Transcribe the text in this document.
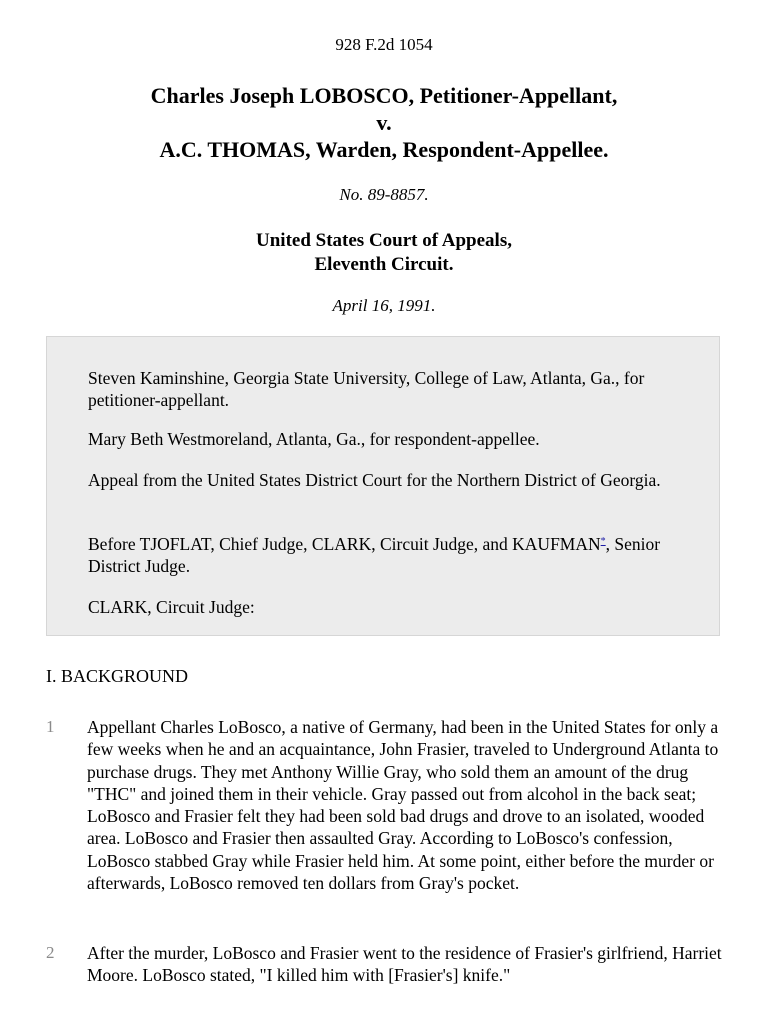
928 F.2d 1054
Charles Joseph LOBOSCO, Petitioner-Appellant,
v.
A.C. THOMAS, Warden, Respondent-Appellee.
No. 89-8857.
United States Court of Appeals,
Eleventh Circuit.
April 16, 1991.

Steven Kaminshine, Georgia State University, College of Law, Atlanta, Ga., for petitioner-appellant.

Mary Beth Westmoreland, Atlanta, Ga., for respondent-appellee.

Appeal from the United States District Court for the Northern District of Georgia.

Before TJOFLAT, Chief Judge, CLARK, Circuit Judge, and KAUFMAN*, Senior District Judge.

CLARK, Circuit Judge:

I. BACKGROUND
1 Appellant Charles LoBosco, a native of Germany, had been in the United States for only a few weeks when he and an acquaintance, John Frasier, traveled to Underground Atlanta to purchase drugs. They met Anthony Willie Gray, who sold them an amount of the drug "THC" and joined them in their vehicle. Gray passed out from alcohol in the back seat; LoBosco and Frasier felt they had been sold bad drugs and drove to an isolated, wooded area. LoBosco and Frasier then assaulted Gray. According to LoBosco's confession, LoBosco stabbed Gray while Frasier held him. At some point, either before the murder or afterwards, LoBosco removed ten dollars from Gray's pocket.

2 After the murder, LoBosco and Frasier went to the residence of Frasier's girlfriend, Harriet Moore. LoBosco stated, "I killed him with [Frasier's] knife."
